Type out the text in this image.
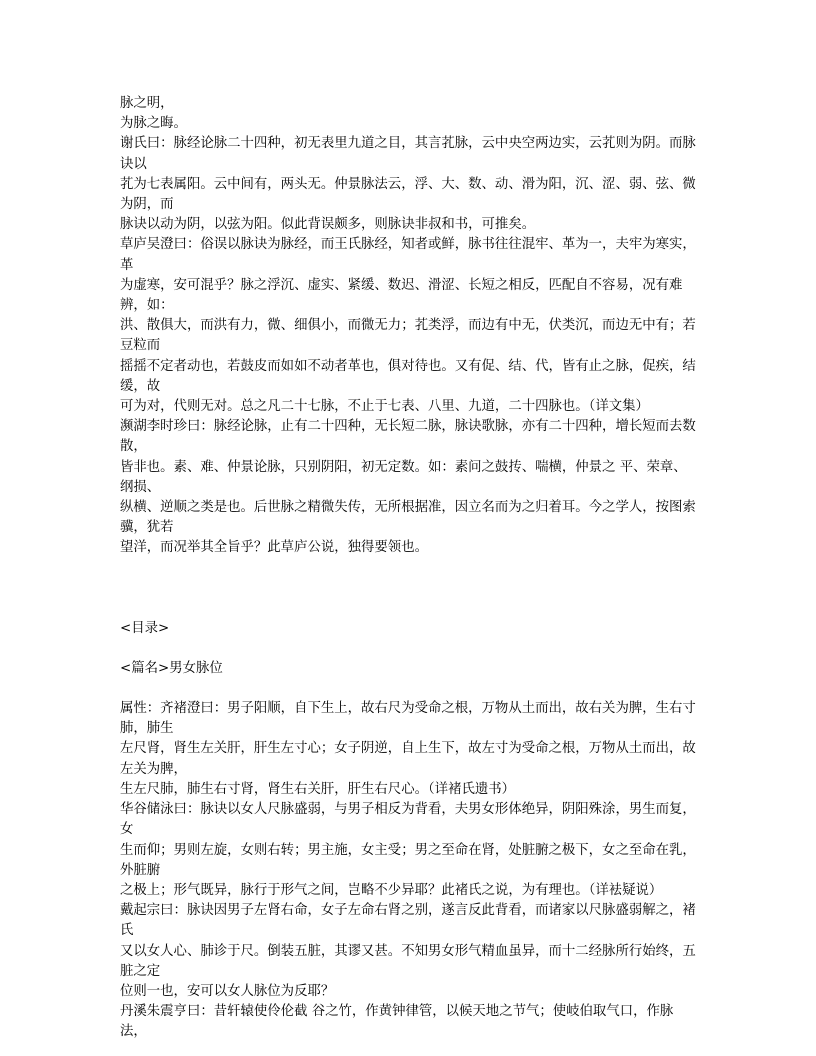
脉之明，

为脉之晦。

谢氏曰：脉经论脉二十四种，初无表里九道之目，其言芤脉，云中央空两边实，云芤则为阴。而脉诀以

芤为七表属阳。云中间有，两头无。仲景脉法云，浮、大、数、动、滑为阳，沉、涩、弱、弦、微为阴，而

脉诀以动为阴，以弦为阳。似此背误颇多，则脉诀非叔和书，可推矣。

草庐吴澄曰：俗误以脉诀为脉经，而王氏脉经，知者或鲜，脉书往往混牢、革为一，夫牢为寒实，革

为虚寒，安可混乎？脉之浮沉、虚实、紧缓、数迟、滑涩、长短之相反，匹配自不容易，况有难辨，如：

洪、散俱大，而洪有力，微、细俱小，而微无力；芤类浮，而边有中无，伏类沉，而边无中有；若豆粒而

摇摇不定者动也，若鼓皮而如如不动者革也，俱对待也。又有促、结、代，皆有止之脉，促疾，结缓，故

可为对，代则无对。总之凡二十七脉，不止于七表、八里、九道，二十四脉也。（详文集）

濒湖李时珍曰：脉经论脉，止有二十四种，无长短二脉，脉诀歌脉，亦有二十四种，增长短而去数散，

皆非也。素、难、仲景论脉，只别阴阳，初无定数。如：素问之鼓抟、喘横，仲景之 平、荣章、纲损、

纵横、逆顺之类是也。后世脉之精微失传，无所根据准，因立名而为之归着耳。今之学人，按图索骥，犹若

望洋，而况举其全旨乎？此草庐公说，独得要领也。

<目录>

<篇名>男女脉位

属性：齐褚澄曰：男子阳顺，自下生上，故右尺为受命之根，万物从土而出，故右关为脾，生右寸肺，肺生

左尺肾，肾生左关肝，肝生左寸心；女子阴逆，自上生下，故左寸为受命之根，万物从土而出，故左关为脾，

生左尺肺，肺生右寸肾，肾生右关肝，肝生右尺心。（详褚氏遗书）

华谷储泳曰：脉诀以女人尺脉盛弱，与男子相反为背看，夫男女形体绝异，阴阳殊涂，男生而复，女

生而仰；男则左旋，女则右转；男主施，女主受；男之至命在肾，处脏腑之极下，女之至命在乳，外脏腑

之极上；形气既异，脉行于形气之间，岂略不少异耶？此褚氏之说，为有理也。（详袪疑说）

戴起宗曰：脉诀因男子左肾右命，女子左命右肾之别，遂言反此背看，而诸家以尺脉盛弱解之，褚氏

又以女人心、肺诊于尺。倒装五脏，其谬又甚。不知男女形气精血虽异，而十二经脉所行始终，五脏之定

位则一也，安可以女人脉位为反耶？

丹溪朱震亨曰：昔轩辕使伶伦截 谷之竹，作黄钟律管，以候天地之节气；使岐伯取气口，作脉法，
